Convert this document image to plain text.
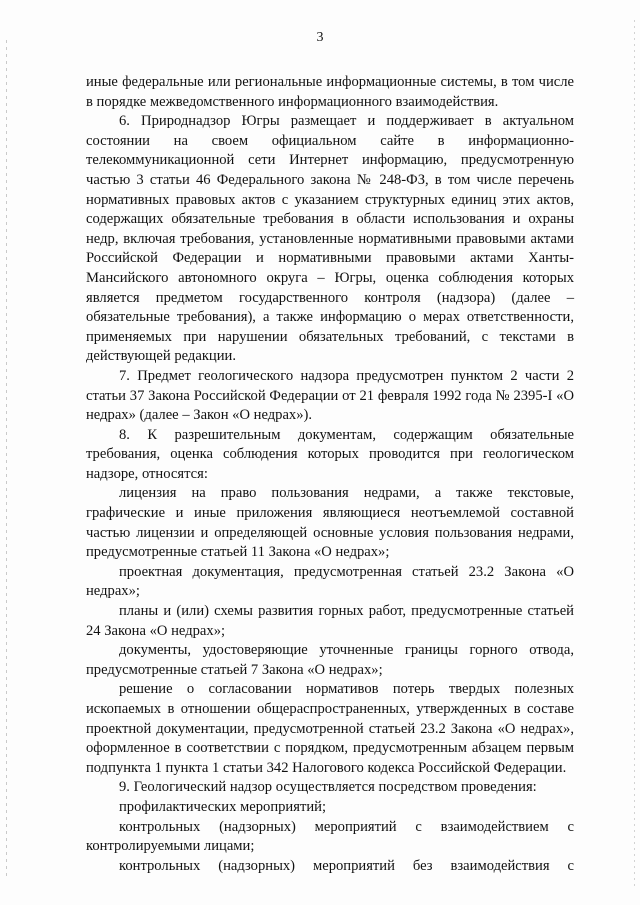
3

иные федеральные или региональные информационные системы, в том числе в порядке межведомственного информационного взаимодействия.

6. Природнадзор Югры размещает и поддерживает в актуальном состоянии на своем официальном сайте в информационно-телекоммуникационной сети Интернет информацию, предусмотренную частью 3 статьи 46 Федерального закона № 248-ФЗ, в том числе перечень нормативных правовых актов с указанием структурных единиц этих актов, содержащих обязательные требования в области использования и охраны недр, включая требования, установленные нормативными правовыми актами Российской Федерации и нормативными правовыми актами Ханты-Мансийского автономного округа – Югры, оценка соблюдения которых является предметом государственного контроля (надзора) (далее – обязательные требования), а также информацию о мерах ответственности, применяемых при нарушении обязательных требований, с текстами в действующей редакции.

7. Предмет геологического надзора предусмотрен пунктом 2 части 2 статьи 37 Закона Российской Федерации от 21 февраля 1992 года № 2395-I «О недрах» (далее – Закон «О недрах»).

8. К разрешительным документам, содержащим обязательные требования, оценка соблюдения которых проводится при геологическом надзоре, относятся:

лицензия на право пользования недрами, а также текстовые, графические и иные приложения являющиеся неотъемлемой составной частью лицензии и определяющей основные условия пользования недрами, предусмотренные статьей 11 Закона «О недрах»;

проектная документация, предусмотренная статьей 23.2 Закона «О недрах»;

планы и (или) схемы развития горных работ, предусмотренные статьей 24 Закона «О недрах»;

документы, удостоверяющие уточненные границы горного отвода, предусмотренные статьей 7 Закона «О недрах»;

решение о согласовании нормативов потерь твердых полезных ископаемых в отношении общераспространенных, утвержденных в составе проектной документации, предусмотренной статьей 23.2 Закона «О недрах», оформленное в соответствии с порядком, предусмотренным абзацем первым подпункта 1 пункта 1 статьи 342 Налогового кодекса Российской Федерации.

9. Геологический надзор осуществляется посредством проведения:

профилактических мероприятий;

контрольных (надзорных) мероприятий с взаимодействием с контролируемыми лицами;

контрольных (надзорных) мероприятий без взаимодействия с
